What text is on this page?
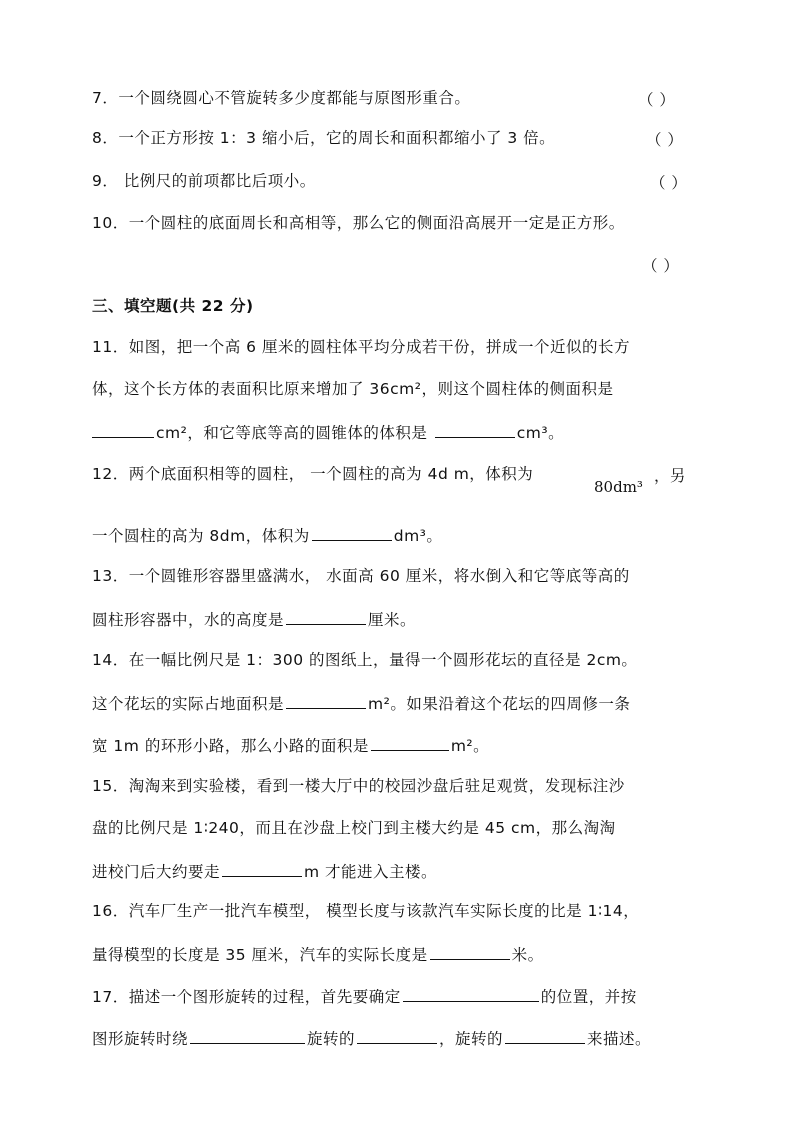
7．一个圆绕圆心不管旋转多少度都能与原图形重合。	（ ）
8．一个正方形按 1：3 缩小后，它的周长和面积都缩小了 3 倍。	（ ）
9． 比例尺的前项都比后项小。	（ ）
10．一个圆柱的底面周长和高相等，那么它的侧面沿高展开一定是正方形。
（ ）
三、填空题(共 22 分)
11．如图，把一个高 6 厘米的圆柱体平均分成若干份，拼成一个近似的长方
体，这个长方体的表面积比原来增加了 36cm²，则这个圆柱体的侧面积是
cm²，和它等底等高的圆锥体的体积是	cm³。
12．两个底面积相等的圆柱， 一个圆柱的高为 4d m，体积为
80dm³
，另
一个圆柱的高为 8dm，体积为	dm³。
13．一个圆锥形容器里盛满水， 水面高 60 厘米，将水倒入和它等底等高的
圆柱形容器中，水的高度是	厘米。
14．在一幅比例尺是 1：300 的图纸上，量得一个圆形花坛的直径是 2cm。
这个花坛的实际占地面积是	m²。如果沿着这个花坛的四周修一条
宽 1m 的环形小路，那么小路的面积是	m²。
15．淘淘来到实验楼，看到一楼大厅中的校园沙盘后驻足观赏，发现标注沙
盘的比例尺是 1∶240，而且在沙盘上校门到主楼大约是 45 cm，那么淘淘
进校门后大约要走	m 才能进入主楼。
16．汽车厂生产一批汽车模型， 模型长度与该款汽车实际长度的比是 1∶14，
量得模型的长度是 35 厘米，汽车的实际长度是	米。
17．描述一个图形旋转的过程，首先要确定	的位置，并按
图形旋转时绕	旋转的	，旋转的	来描述。
